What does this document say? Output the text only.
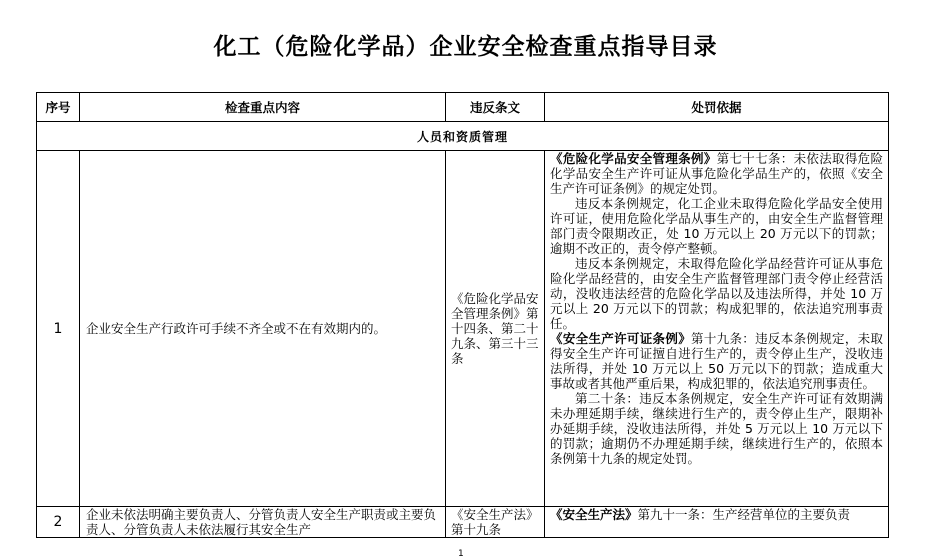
化工（危险化学品）企业安全检查重点指导目录
序号	检查重点内容	违反条文	处罚依据
人员和资质管理			
1	企业安全生产行政许可手续不齐全或不在有效期内的。	《危险化学品安全管理条例》第十四条、第二十九条、第三十三条	《危险化学品安全管理条例》第七十七条：未依法取得危险化学品安全生产许可证从事危险化学品生产的，依照《安全生产许可证条例》的规定处罚。

违反本条例规定，化工企业未取得危险化学品安全使用许可证，使用危险化学品从事生产的，由安全生产监督管理部门责令限期改正，处 10 万元以上 20 万元以下的罚款；逾期不改正的，责令停产整顿。

违反本条例规定，未取得危险化学品经营许可证从事危险化学品经营的，由安全生产监督管理部门责令停止经营活动，没收违法经营的危险化学品以及违法所得，并处 10 万元以上 20 万元以下的罚款；构成犯罪的，依法追究刑事责任。

《安全生产许可证条例》第十九条：违反本条例规定，未取得安全生产许可证擅自进行生产的，责令停止生产，没收违法所得，并处 10 万元以上 50 万元以下的罚款；造成重大事故或者其他严重后果，构成犯罪的，依法追究刑事责任。

第二十条：违反本条例规定，安全生产许可证有效期满未办理延期手续，继续进行生产的，责令停止生产，限期补办延期手续，没收违法所得，并处 5 万元以上 10 万元以下的罚款；逾期仍不办理延期手续，继续进行生产的，依照本条例第十九条的规定处罚。

2	企业未依法明确主要负责人、分管负责人安全生产职责或主要负责人、分管负责人未依法履行其安全生产	《安全生产法》第十九条	《安全生产法》第九十一条：生产经营单位的主要负责

1
